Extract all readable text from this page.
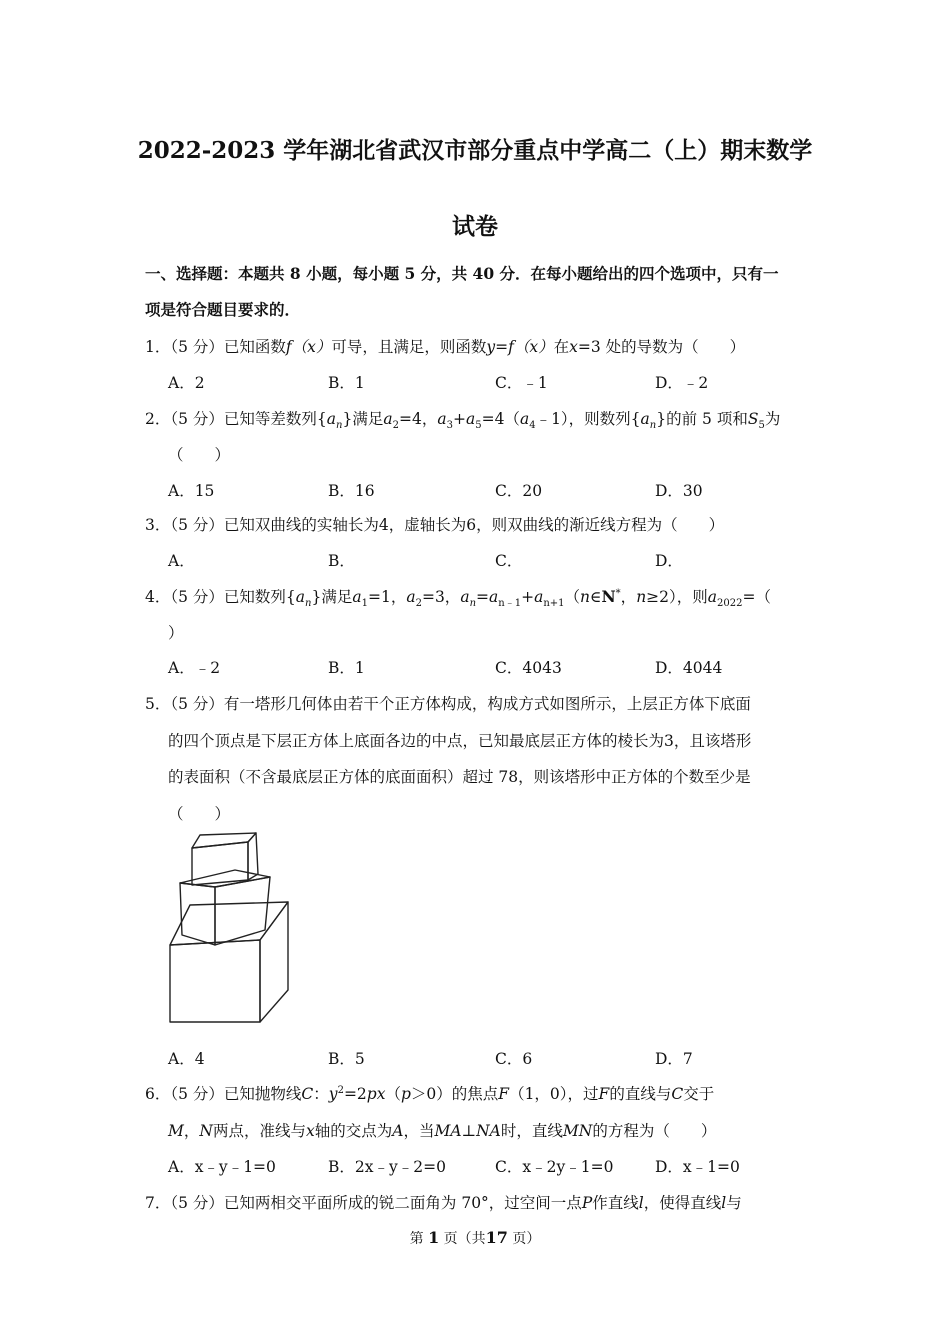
2022-2023 学年湖北省武汉市部分重点中学高二（上）期末数学
试卷
一、选择题：本题共 8 小题，每小题 5 分，共 40 分．在每小题给出的四个选项中，只有一
项是符合题目要求的．
1．（5 分）已知函数f（x）可导，且满足，则函数y=f（x）在x=3 处的导数为（　　）
A．2	B．1	C．﹣1	D．﹣2
2．（5 分）已知等差数列$\{a_n\}$满足$a_2=4$，$a_3+a_5=4(a_4﹣1)$，则数列$\{a_n\}$的前 5 项和$S_5$为
（　　）
A．15	B．16	C．20	D．30
3．（5 分）已知双曲线的实轴长为4，虚轴长为6，则双曲线的渐近线方程为（　　）
A．	B．	C．	D．
4．（5 分）已知数列$\{a_n\}$满足$a_1=1$，$a_2=3$，$a_n=a_{n﹣1}+a_{n+1}(n\in N^*$，n≥2），则$a_{2022}=$（
）
A．﹣2	B．1	C．4043	D．4044
5．（5 分）有一塔形几何体由若干个正方体构成，构成方式如图所示，上层正方体下底面
的四个顶点是下层正方体上底面各边的中点，已知最底层正方体的棱长为3，且该塔形
的表面积（不含最底层正方体的底面面积）超过 78，则该塔形中正方体的个数至少是
（　　）
A．4	B．5	C．6	D．7
6．（5 分）已知抛物线C：$y^2=2px(p>0)$的焦点F（1，0），过F的直线与C交于
M，N两点，准线与x轴的交点为A，当MA⊥NA时，直线MN的方程为（　　）
A．x﹣y﹣1=0	B．2x﹣y﹣2=0	C．x﹣2y﹣1=0	D．x﹣1=0
7．（5 分）已知两相交平面所成的锐二面角为 70°，过空间一点P作直线l，使得直线l与
第 1 页（共17 页）
